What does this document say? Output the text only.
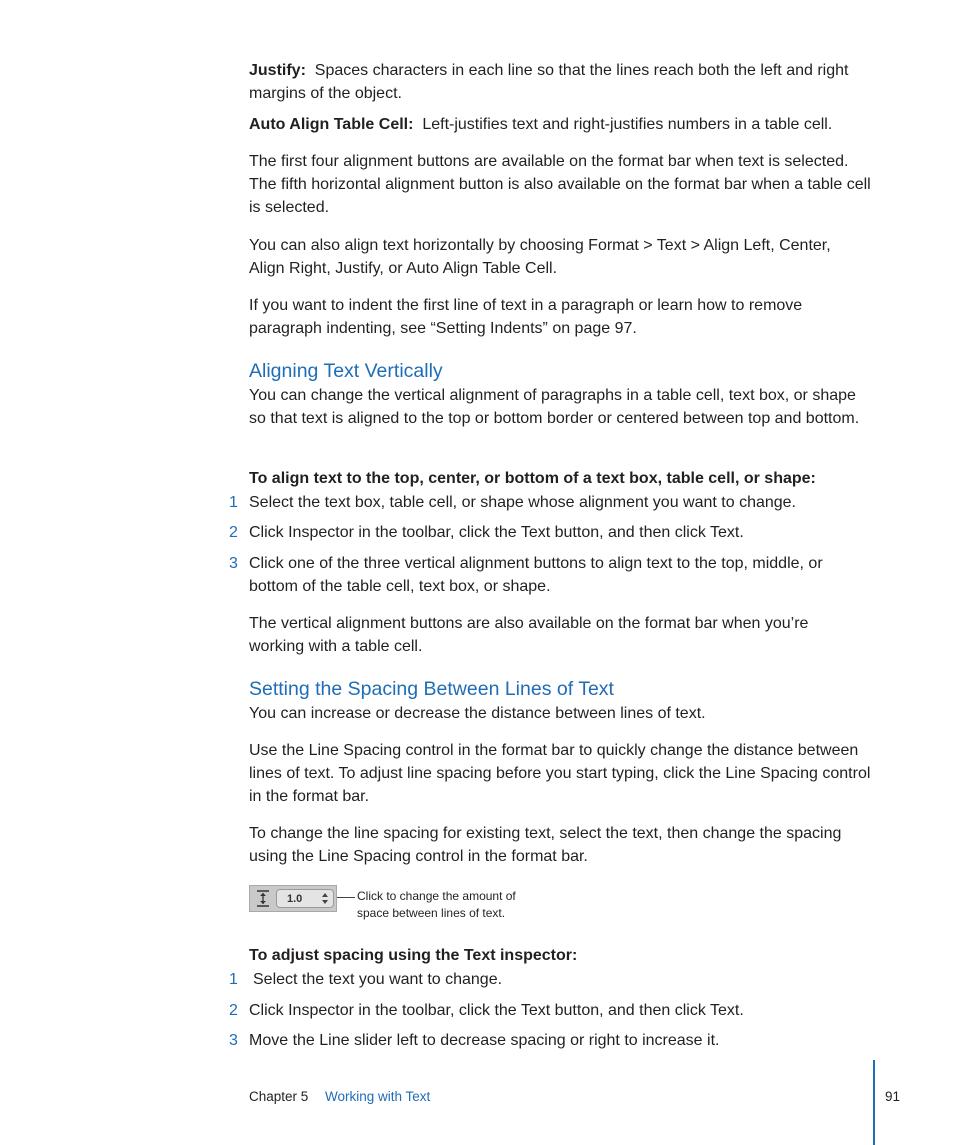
Justify: Spaces characters in each line so that the lines reach both the left and right margins of the object.
Auto Align Table Cell: Left-justifies text and right-justifies numbers in a table cell.
The first four alignment buttons are available on the format bar when text is selected. The fifth horizontal alignment button is also available on the format bar when a table cell is selected.
You can also align text horizontally by choosing Format > Text > Align Left, Center, Align Right, Justify, or Auto Align Table Cell.
If you want to indent the first line of text in a paragraph or learn how to remove paragraph indenting, see “Setting Indents” on page 97.
Aligning Text Vertically
You can change the vertical alignment of paragraphs in a table cell, text box, or shape so that text is aligned to the top or bottom border or centered between top and bottom.
To align text to the top, center, or bottom of a text box, table cell, or shape:
1 Select the text box, table cell, or shape whose alignment you want to change.
2 Click Inspector in the toolbar, click the Text button, and then click Text.
3 Click one of the three vertical alignment buttons to align text to the top, middle, or bottom of the table cell, text box, or shape.
The vertical alignment buttons are also available on the format bar when you’re working with a table cell.
Setting the Spacing Between Lines of Text
You can increase or decrease the distance between lines of text.
Use the Line Spacing control in the format bar to quickly change the distance between lines of text. To adjust line spacing before you start typing, click the Line Spacing control in the format bar.
To change the line spacing for existing text, select the text, then change the spacing using the Line Spacing control in the format bar.
1.0	Click to change the amount of
space between lines of text.
To adjust spacing using the Text inspector:
1 Select the text you want to change.
2 Click Inspector in the toolbar, click the Text button, and then click Text.
3 Move the Line slider left to decrease spacing or right to increase it.
Chapter 5 Working with Text	91
